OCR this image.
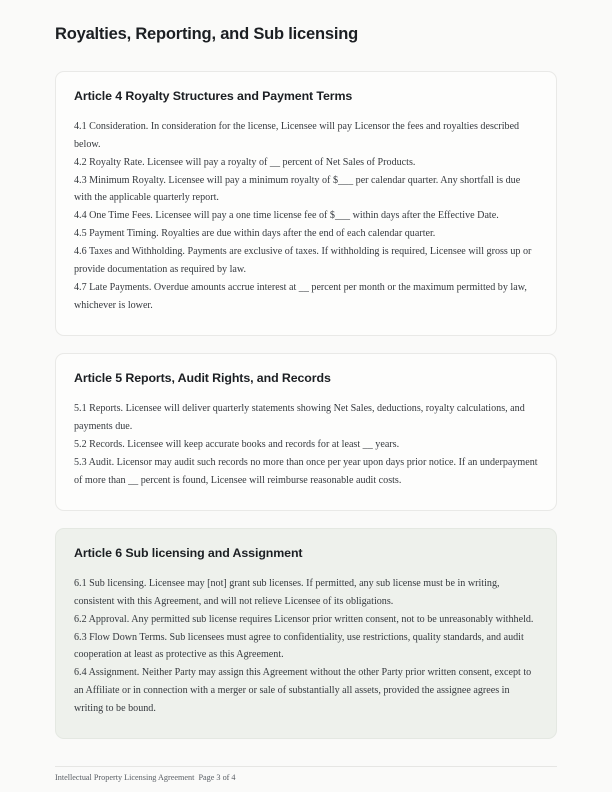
Royalties, Reporting, and Sub licensing
Article 4 Royalty Structures and Payment Terms

4.1 Consideration. In consideration for the license, Licensee will pay Licensor the fees and royalties described below.

4.2 Royalty Rate. Licensee will pay a royalty of __ percent of Net Sales of Products.

4.3 Minimum Royalty. Licensee will pay a minimum royalty of $___ per calendar quarter. Any shortfall is due with the applicable quarterly report.

4.4 One Time Fees. Licensee will pay a one time license fee of $___ within days after the Effective Date.

4.5 Payment Timing. Royalties are due within days after the end of each calendar quarter.

4.6 Taxes and Withholding. Payments are exclusive of taxes. If withholding is required, Licensee will gross up or provide documentation as required by law.

4.7 Late Payments. Overdue amounts accrue interest at __ percent per month or the maximum permitted by law, whichever is lower.

Article 5 Reports, Audit Rights, and Records

5.1 Reports. Licensee will deliver quarterly statements showing Net Sales, deductions, royalty calculations, and payments due.

5.2 Records. Licensee will keep accurate books and records for at least __ years.

5.3 Audit. Licensor may audit such records no more than once per year upon days prior notice. If an underpayment of more than __ percent is found, Licensee will reimburse reasonable audit costs.

Article 6 Sub licensing and Assignment

6.1 Sub licensing. Licensee may [not] grant sub licenses. If permitted, any sub license must be in writing, consistent with this Agreement, and will not relieve Licensee of its obligations.

6.2 Approval. Any permitted sub license requires Licensor prior written consent, not to be unreasonably withheld.

6.3 Flow Down Terms. Sub licensees must agree to confidentiality, use restrictions, quality standards, and audit cooperation at least as protective as this Agreement.

6.4 Assignment. Neither Party may assign this Agreement without the other Party prior written consent, except to an Affiliate or in connection with a merger or sale of substantially all assets, provided the assignee agrees in writing to be bound.

Intellectual Property Licensing Agreement  Page 3 of 4
